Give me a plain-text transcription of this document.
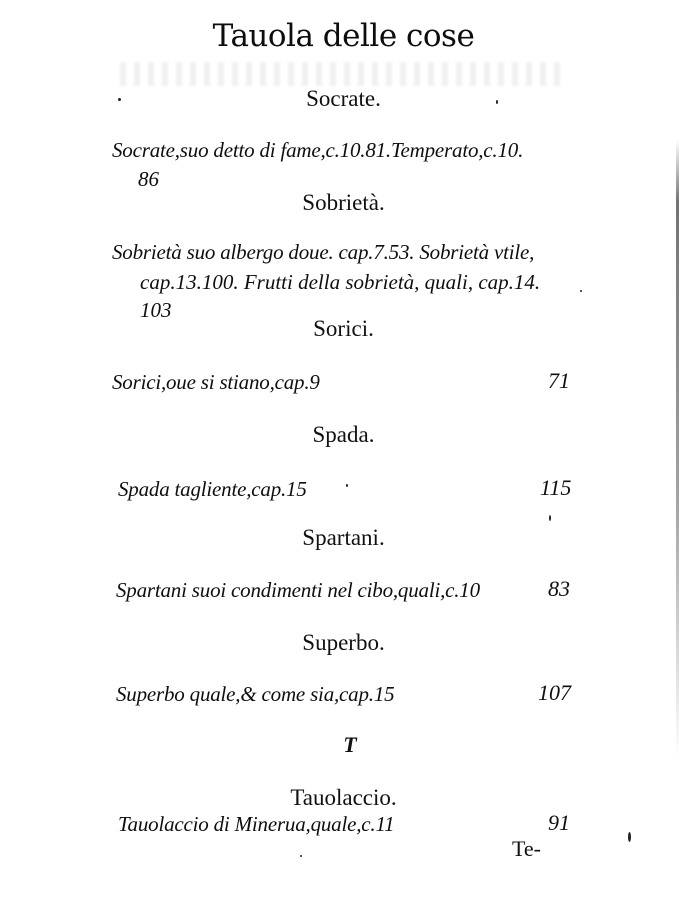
Tauola delle cose
Socrate.
Socrate,suo detto di fame,c.10.81.Temperato,c.10.
86
Sobrietà.
Sobrietà suo albergo doue. cap.7.53. Sobrietà vtile,
cap.13.100. Frutti della sobrietà, quali, cap.14.
103
Sorici.
Sorici,oue si stiano,cap.9	71
Spada.
Spada tagliente,cap.15	115
Spartani.
Spartani suoi condimenti nel cibo,quali,c.10	83
Superbo.
Superbo quale,& come sia,cap.15	107
T
Tauolaccio.
Tauolaccio di Minerua,quale,c.11	91
Te-
